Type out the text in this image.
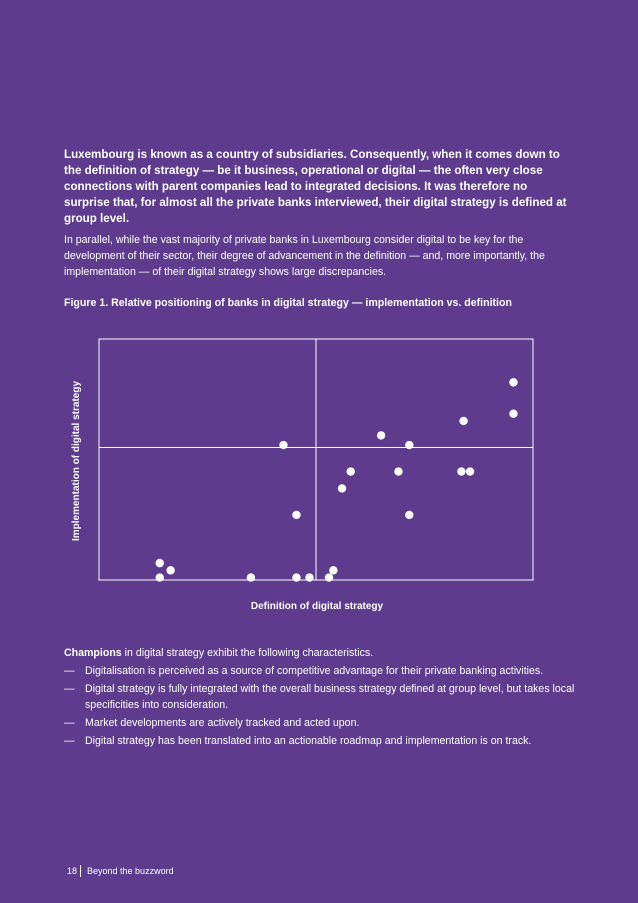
Luxembourg is known as a country of subsidiaries. Consequently, when it comes down to the definition of strategy — be it business, operational or digital — the often very close connections with parent companies lead to integrated decisions. It was therefore no surprise that, for almost all the private banks interviewed, their digital strategy is defined at group level.

In parallel, while the vast majority of private banks in Luxembourg consider digital to be key for the development of their sector, their degree of advancement in the definition — and, more importantly, the implementation — of their digital strategy shows large discrepancies.

Figure 1. Relative positioning of banks in digital strategy — implementation vs. definition

Implementation of digital strategy
Definition of digital strategy
Champions in digital strategy exhibit the following characteristics.
— Digitalisation is perceived as a source of competitive advantage for their private banking activities.
— Digital strategy is fully integrated with the overall business strategy defined at group level, but takes local specificities into consideration.
— Market developments are actively tracked and acted upon.
— Digital strategy has been translated into an actionable roadmap and implementation is on track.
18	Beyond the buzzword
